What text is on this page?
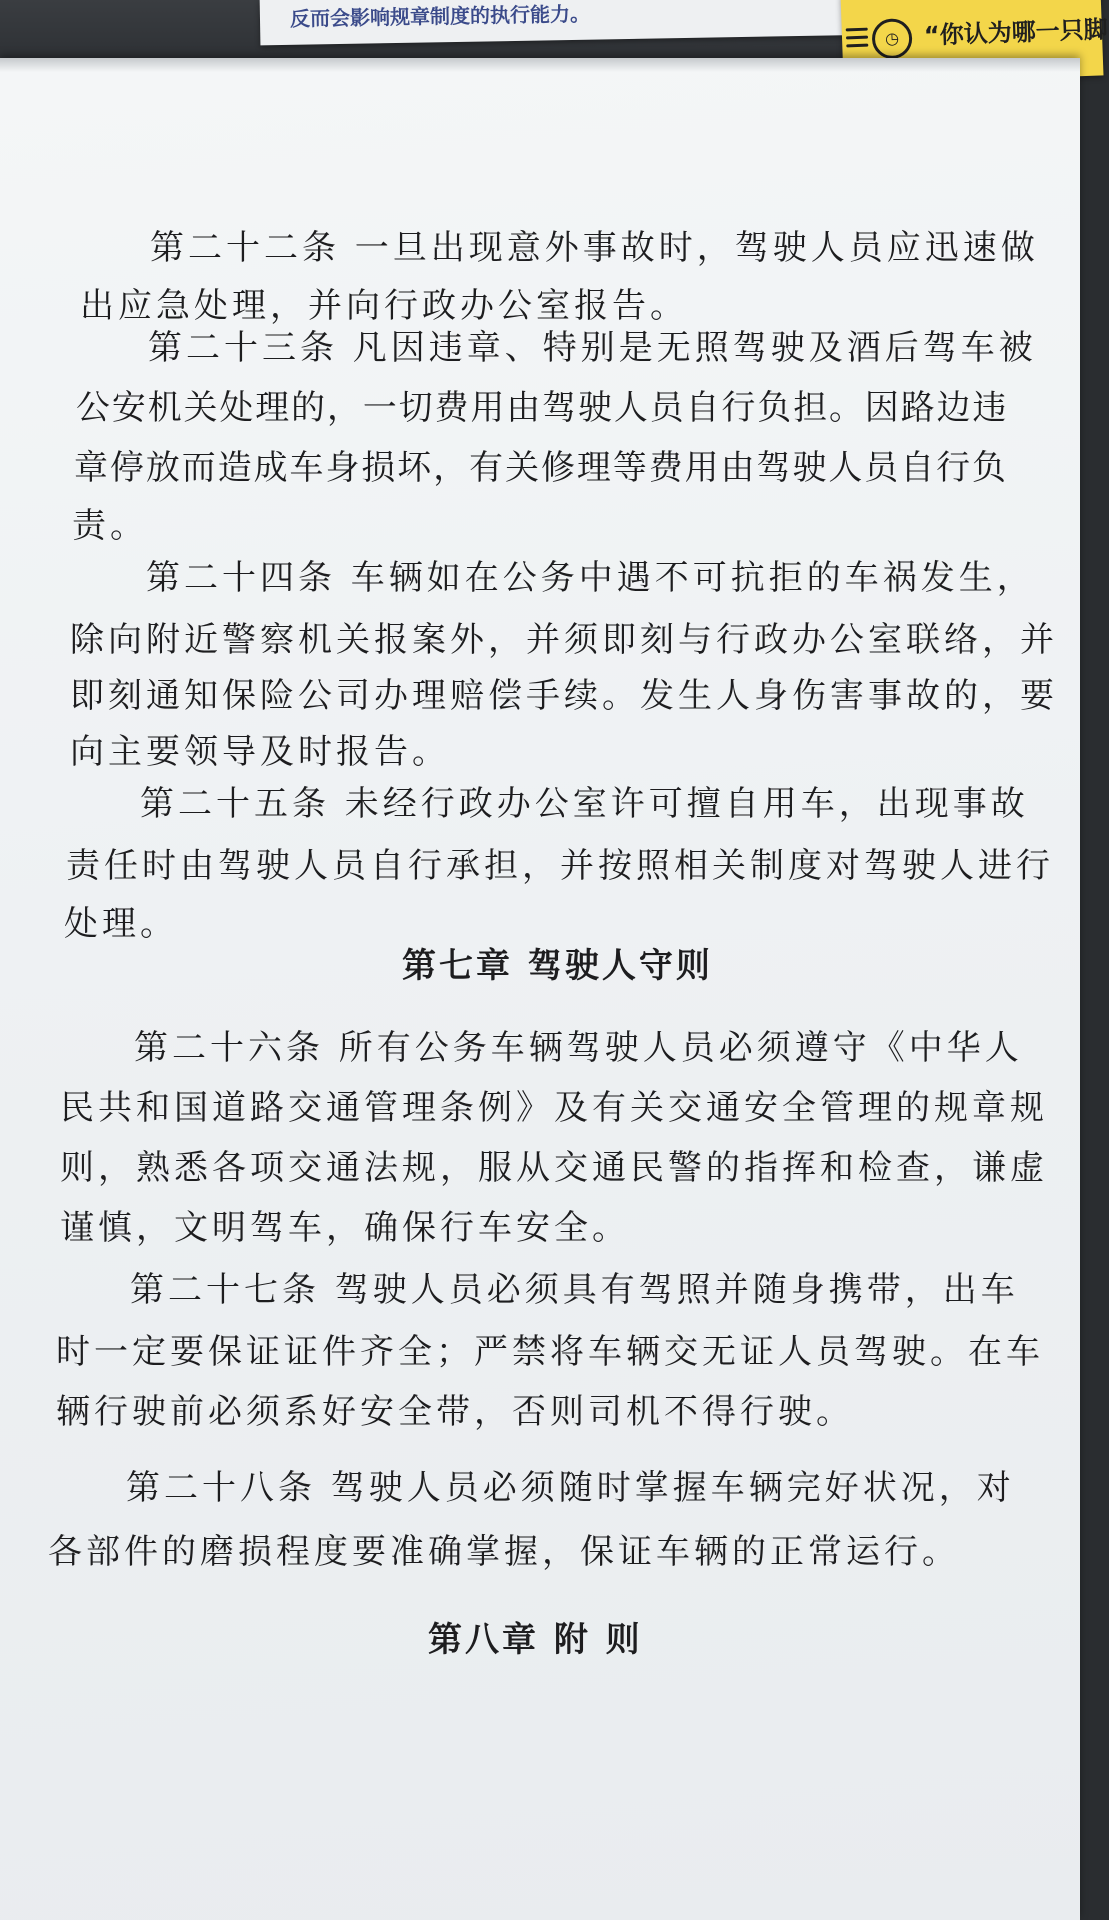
反而会影响规章制度的执行能力。
◷	“你认为哪一只脚
第二十二条 一旦出现意外事故时，驾驶人员应迅速做
出应急处理，并向行政办公室报告。
第二十三条 凡因违章、特别是无照驾驶及酒后驾车被
公安机关处理的，一切费用由驾驶人员自行负担。因路边违
章停放而造成车身损坏，有关修理等费用由驾驶人员自行负
责。
第二十四条 车辆如在公务中遇不可抗拒的车祸发生，
除向附近警察机关报案外，并须即刻与行政办公室联络，并
即刻通知保险公司办理赔偿手续。发生人身伤害事故的，要
向主要领导及时报告。
第二十五条 未经行政办公室许可擅自用车，出现事故
责任时由驾驶人员自行承担，并按照相关制度对驾驶人进行
处理。
第七章 驾驶人守则
第二十六条 所有公务车辆驾驶人员必须遵守《中华人
民共和国道路交通管理条例》及有关交通安全管理的规章规
则，熟悉各项交通法规，服从交通民警的指挥和检查，谦虚
谨慎，文明驾车，确保行车安全。
第二十七条 驾驶人员必须具有驾照并随身携带，出车
时一定要保证证件齐全；严禁将车辆交无证人员驾驶。在车
辆行驶前必须系好安全带，否则司机不得行驶。
第二十八条 驾驶人员必须随时掌握车辆完好状况，对
各部件的磨损程度要准确掌握，保证车辆的正常运行。
第八章 附 则
